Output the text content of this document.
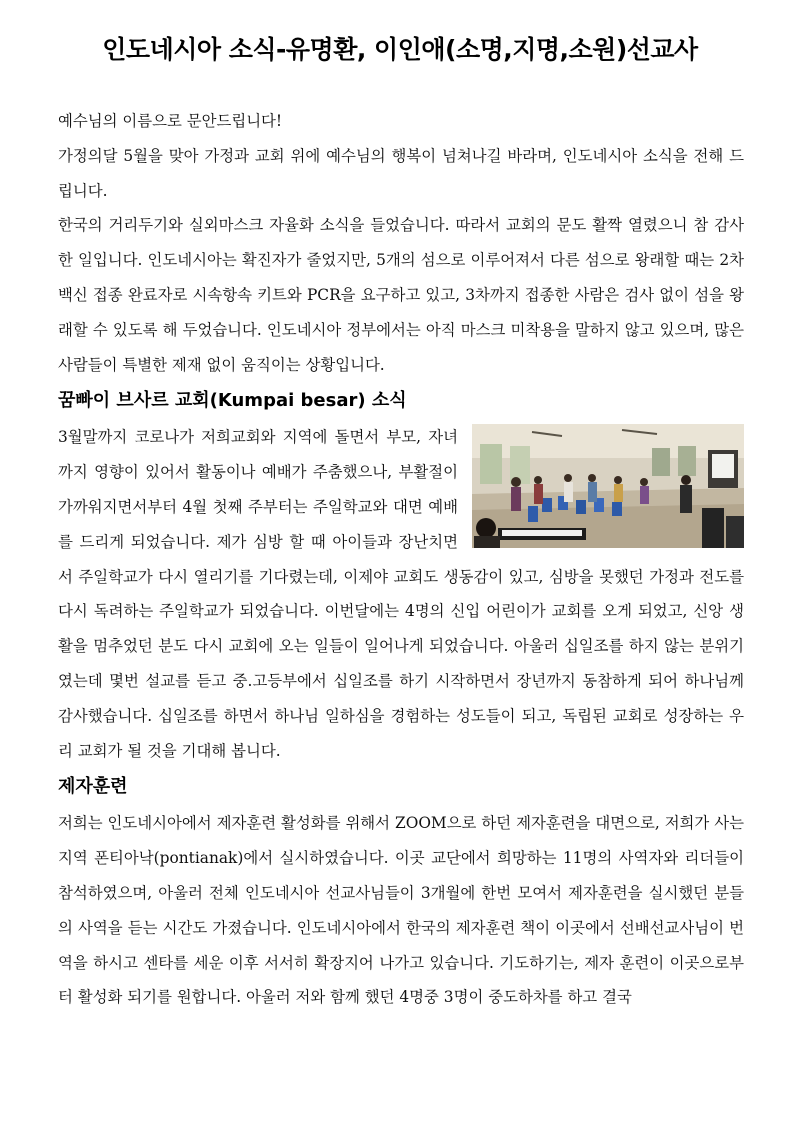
인도네시아 소식-유명환, 이인애(소명,지명,소원)선교사

예수님의 이름으로 문안드립니다!

가정의달 5월을 맞아 가정과 교회 위에 예수님의 행복이 넘쳐나길 바라며, 인도네시아 소식을 전해 드립니다.

한국의 거리두기와 실외마스크 자율화 소식을 들었습니다. 따라서 교회의 문도 활짝 열렸으니 참 감사한 일입니다. 인도네시아는 확진자가 줄었지만, 5개의 섬으로 이루어져서 다른 섬으로 왕래할 때는 2차백신 접종 완료자로 시속항속 키트와 PCR을 요구하고 있고, 3차까지 접종한 사람은 검사 없이 섬을 왕래할 수 있도록 해 두었습니다. 인도네시아 정부에서는 아직 마스크 미착용을 말하지 않고 있으며, 많은 사람들이 특별한 제재 없이 움직이는 상황입니다.

꿈빠이 브사르 교회(Kumpai besar) 소식

3월말까지 코로나가 저희교회와 지역에 돌면서 부모, 자녀까지 영향이 있어서 활동이나 예배가 주춤했으나, 부활절이 가까워지면서부터 4월 첫째 주부터는 주일학교와 대면 예배를 드리게 되었습니다. 제가 심방 할 때 아이들과 장난치면서 주일학교가 다시 열리기를 기다렸는데, 이제야 교회도 생동감이 있고, 심방을 못했던 가정과 전도를 다시 독려하는 주일학교가 되었습니다. 이번달에는 4명의 신입 어린이가 교회를 오게 되었고, 신앙 생활을 멈추었던 분도 다시 교회에 오는 일들이 일어나게 되었습니다. 아울러 십일조를 하지 않는 분위기였는데 몇번 설교를 듣고 중.고등부에서 십일조를 하기 시작하면서 장년까지 동참하게 되어 하나님께 감사했습니다. 십일조를 하면서 하나님 일하심을 경험하는 성도들이 되고, 독립된 교회로 성장하는 우리 교회가 될 것을 기대해 봅니다.

제자훈련

저희는 인도네시아에서 제자훈련 활성화를 위해서 ZOOM으로 하던 제자훈련을 대면으로, 저희가 사는 지역 폰티아낙(pontianak)에서 실시하였습니다. 이곳 교단에서 희망하는 11명의 사역자와 리더들이 참석하였으며, 아울러 전체 인도네시아 선교사님들이 3개월에 한번 모여서 제자훈련을 실시했던 분들의 사역을 듣는 시간도 가졌습니다. 인도네시아에서 한국의 제자훈련 책이 이곳에서 선배선교사님이 번역을 하시고 센타를 세운 이후 서서히 확장지어 나가고 있습니다. 기도하기는, 제자 훈련이 이곳으로부터 활성화 되기를 원합니다. 아울러 저와 함께 했던 4명중 3명이 중도하차를 하고 결국
